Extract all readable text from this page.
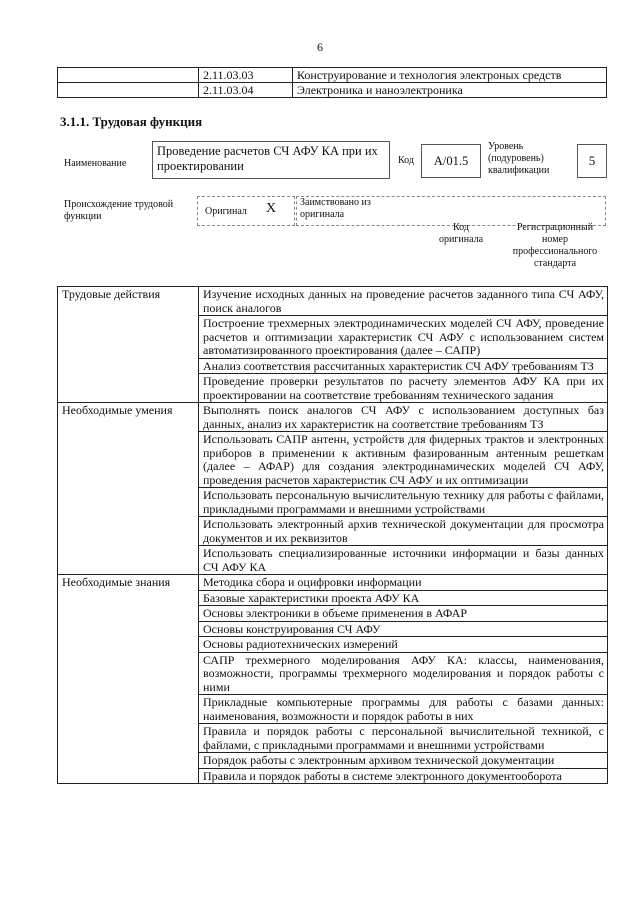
6
	2.11.03.03	Конструирование и технология электроных средств
	2.11.03.04	Электроника и наноэлектроника
3.1.1. Трудовая функция
Наименование
Проведение расчетов СЧ АФУ КА при их проектировании	Код	A/01.5
Уровень (подуровень) квалификации
5
Происхождение трудовой функции	Оригинал X Заимствовано из оригинала
Код оригинала
Регистрационный номер профессионального стандарта
Трудовые действия	Изучение исходных данных на проведение расчетов заданного типа СЧ АФУ, поиск аналогов
	Построение трехмерных электродинамических моделей СЧ АФУ, проведение расчетов и оптимизации характеристик СЧ АФУ с использованием систем автоматизированного проектирования (далее – САПР)
	Анализ соответствия рассчитанных характеристик СЧ АФУ требованиям ТЗ
	Проведение проверки результатов по расчету элементов АФУ КА при их проектировании на соответствие требованиям технического задания
Необходимые умения	Выполнять поиск аналогов СЧ АФУ с использованием доступных баз данных, анализ их характеристик на соответствие требованиям ТЗ
	Использовать САПР антенн, устройств для фидерных трактов и электронных приборов в применении к активным фазированным антенным решеткам (далее – АФАР) для создания электродинамических моделей СЧ АФУ, проведения расчетов характеристик СЧ АФУ и их оптимизации
	Использовать персональную вычислительную технику для работы с файлами, прикладными программами и внешними устройствами
	Использовать электронный архив технической документации для просмотра документов и их реквизитов
	Использовать специализированные источники информации и базы данных СЧ АФУ КА
Необходимые знания	Методика сбора и оцифровки информации
	Базовые характеристики проекта АФУ КА
	Основы электроники в объеме применения в АФАР
	Основы конструирования СЧ АФУ
	Основы радиотехнических измерений
	САПР трехмерного моделирования АФУ КА: классы, наименования, возможности, программы трехмерного моделирования и порядок работы с ними
	Прикладные компьютерные программы для работы с базами данных: наименования, возможности и порядок работы в них
	Правила и порядок работы с персональной вычислительной техникой, с файлами, с прикладными программами и внешними устройствами
	Порядок работы с электронным архивом технической документации
	Правила и порядок работы в системе электронного документооборота
